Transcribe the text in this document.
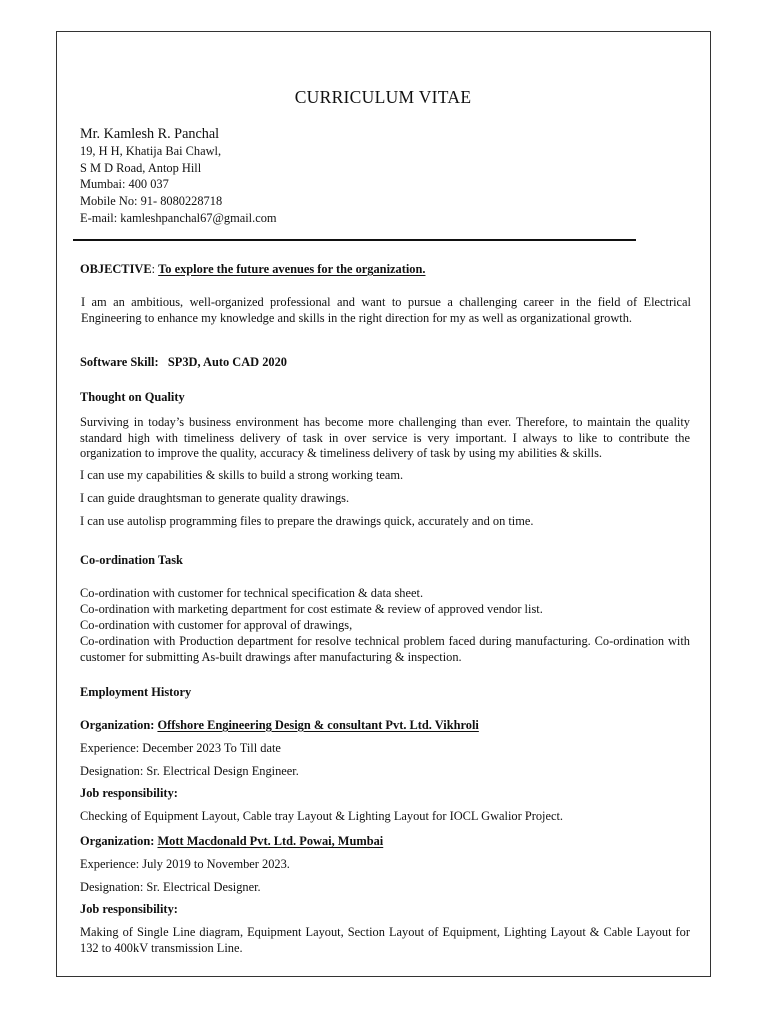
CURRICULUM VITAE
Mr. Kamlesh R. Panchal
19, H H, Khatija Bai Chawl,
S M D Road, Antop Hill
Mumbai: 400 037
Mobile No: 91- 8080228718
E-mail: kamleshpanchal67@gmail.com
OBJECTIVE: To explore the future avenues for the organization.
I am an ambitious, well-organized professional and want to pursue a challenging career in the field of Electrical Engineering to enhance my knowledge and skills in the right direction for my as well as organizational growth.
Software Skill: SP3D, Auto CAD 2020
Thought on Quality
Surviving in today’s business environment has become more challenging than ever. Therefore, to maintain the quality standard high with timeliness delivery of task in over service is very important. I always to like to contribute the organization to improve the quality, accuracy & timeliness delivery of task by using my abilities & skills.
I can use my capabilities & skills to build a strong working team.
I can guide draughtsman to generate quality drawings.
I can use autolisp programming files to prepare the drawings quick, accurately and on time.
Co-ordination Task
Co-ordination with customer for technical specification & data sheet.
Co-ordination with marketing department for cost estimate & review of approved vendor list.
Co-ordination with customer for approval of drawings,
Co-ordination with Production department for resolve technical problem faced during manufacturing. Co-ordination with customer for submitting As-built drawings after manufacturing & inspection.
Employment History
Organization: Offshore Engineering Design & consultant Pvt. Ltd. Vikhroli
Experience: December 2023 To Till date
Designation: Sr. Electrical Design Engineer.
Job responsibility:
Checking of Equipment Layout, Cable tray Layout & Lighting Layout for IOCL Gwalior Project.
Organization: Mott Macdonald Pvt. Ltd. Powai, Mumbai
Experience: July 2019 to November 2023.
Designation: Sr. Electrical Designer.
Job responsibility:
Making of Single Line diagram, Equipment Layout, Section Layout of Equipment, Lighting Layout & Cable Layout for 132 to 400kV transmission Line.
